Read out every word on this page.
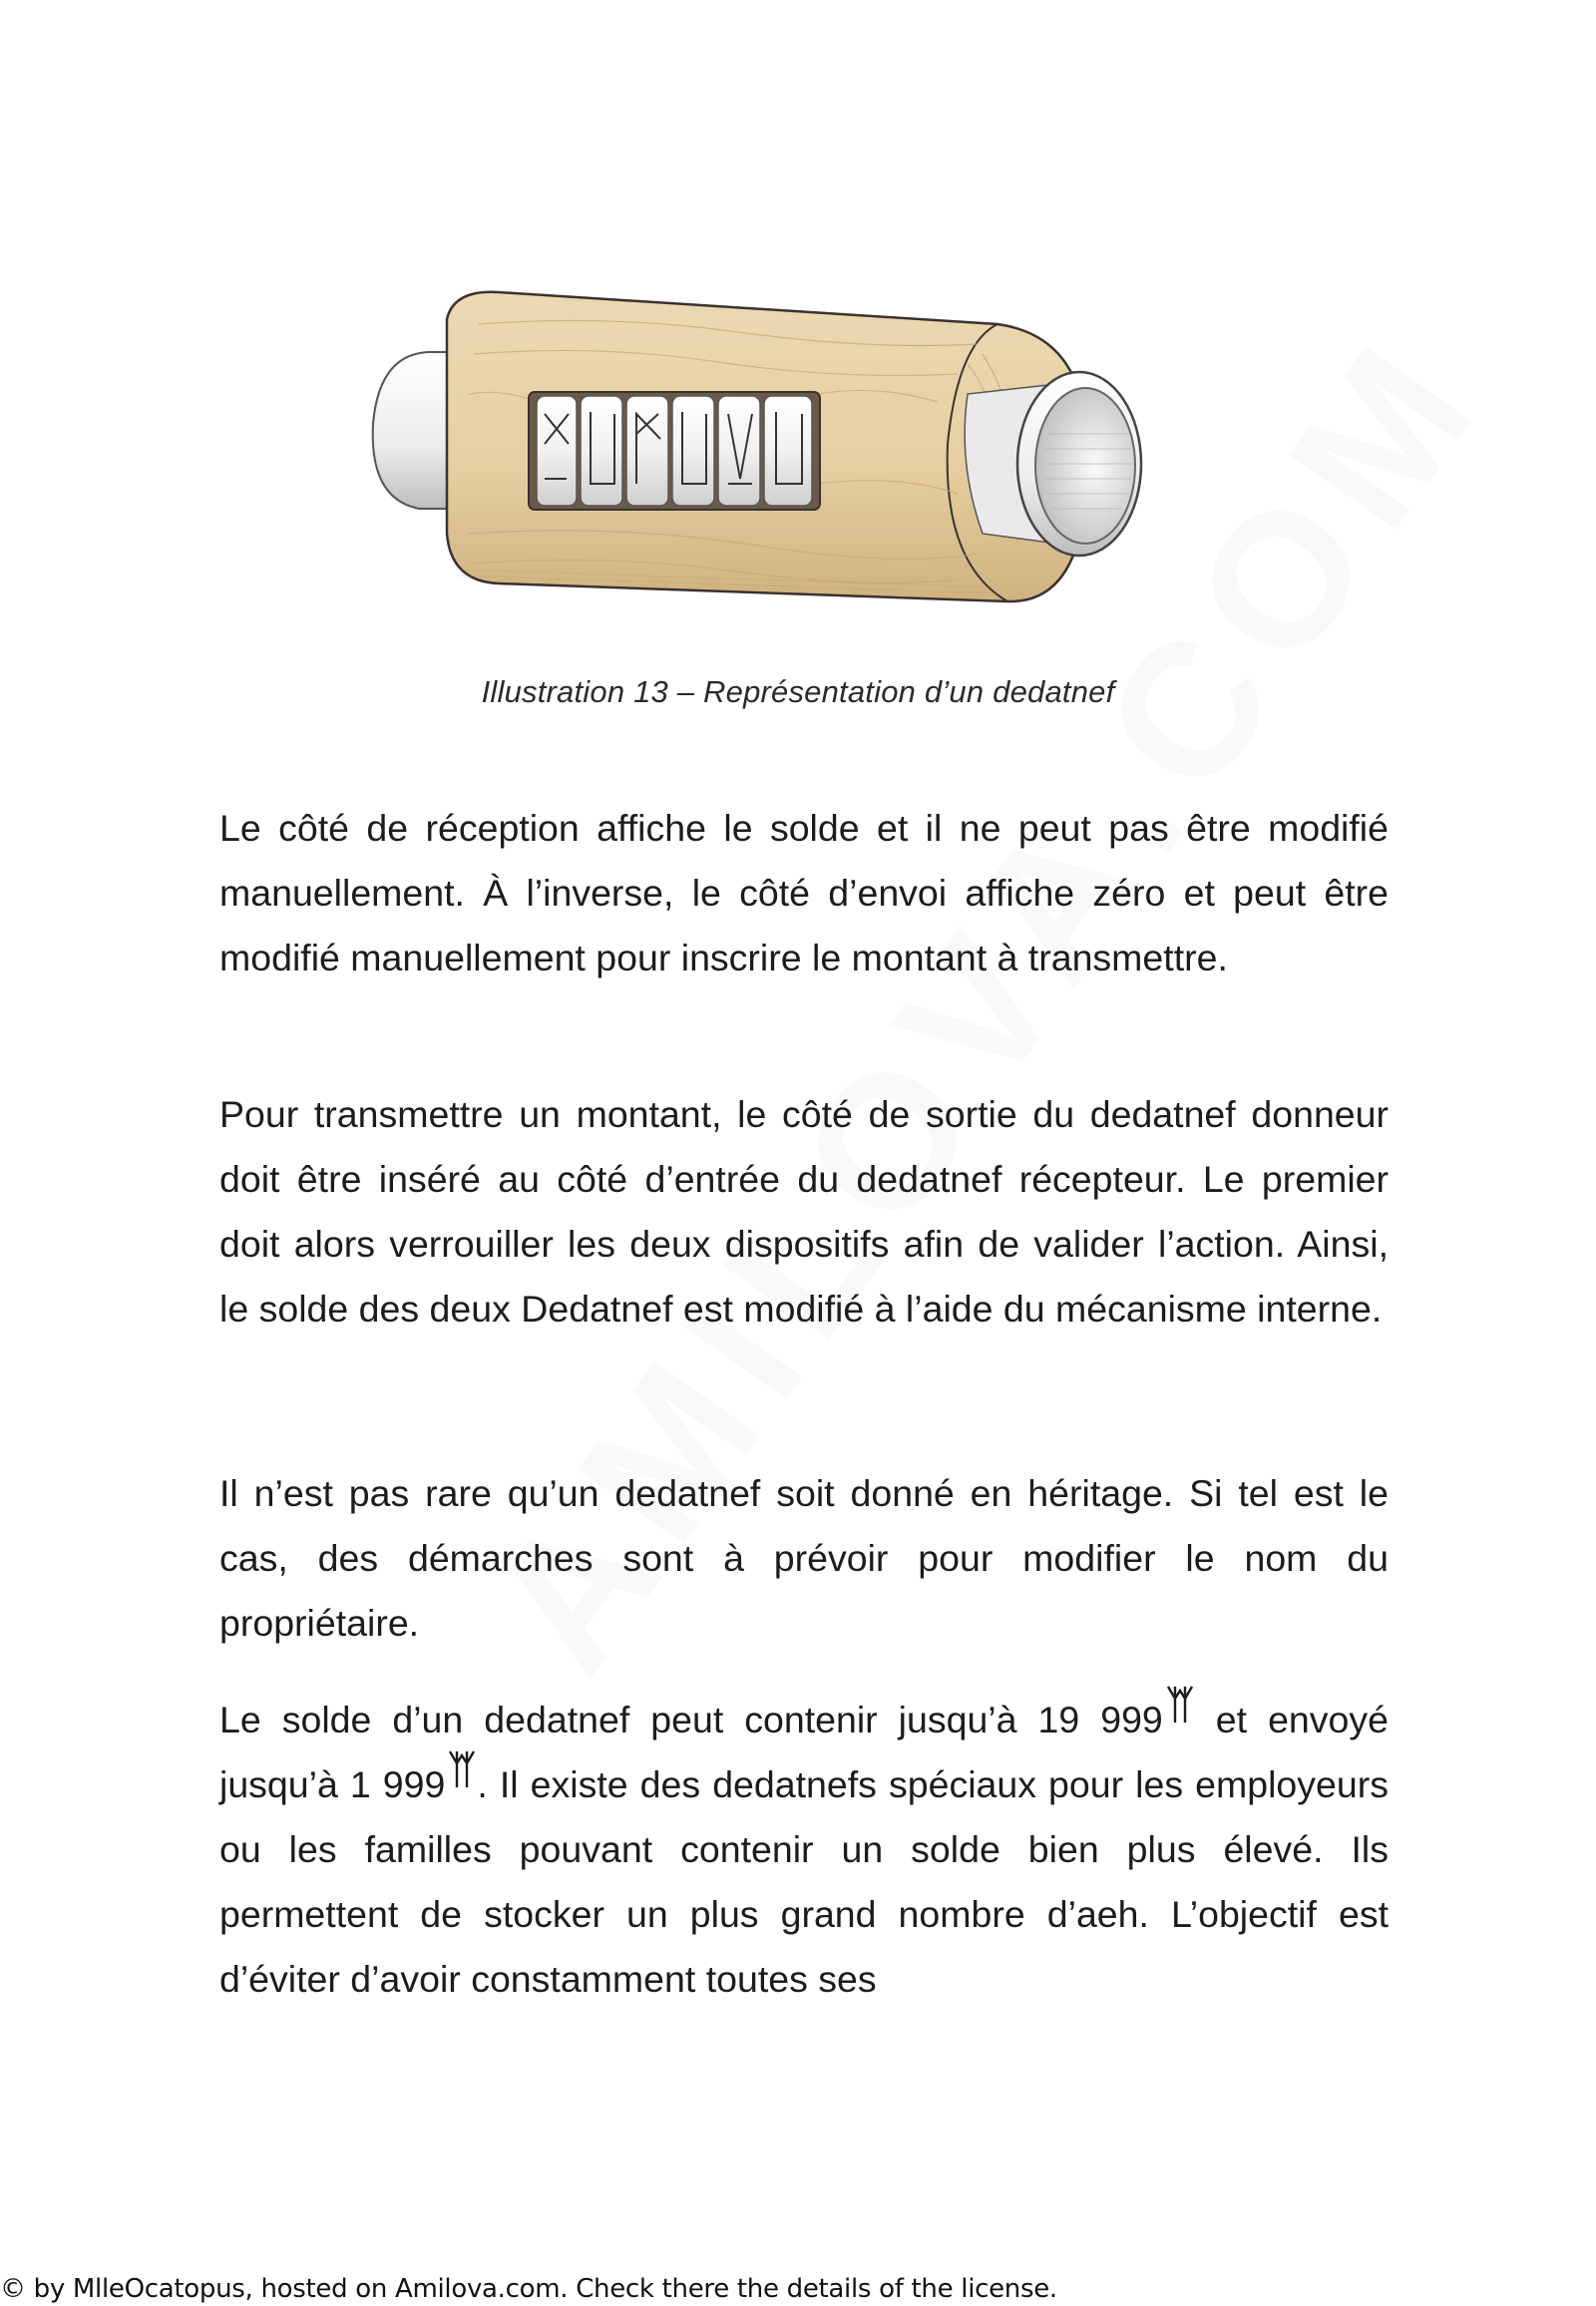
Illustration 13 – Représentation d’un dedatnef

Le côté de réception affiche le solde et il ne peut pas être modifié manuellement. À l’inverse, le côté d’envoi affiche zéro et peut être modifié manuellement pour inscrire le montant à transmettre.

Pour transmettre un montant, le côté de sortie du dedatnef donneur doit être inséré au côté d’entrée du dedatnef récepteur. Le premier doit alors verrouiller les deux dispositifs afin de valider l’action. Ainsi, le solde des deux Dedatnef est modifié à l’aide du mécanisme interne.

Il n’est pas rare qu’un dedatnef soit donné en héritage. Si tel est le cas, des démarches sont à prévoir pour modifier le nom du propriétaire.

Le solde d’un dedatnef peut contenir jusqu’à 19 999 et envoyé jusqu’à 1 999 . Il existe des dedatnefs spéciaux pour les employeurs ou les familles pouvant contenir un solde bien plus élevé. Ils permettent de stocker un plus grand nombre d’aeh. L’objectif est d’éviter d’avoir constamment toutes ses

© by MlleOcatopus, hosted on Amilova.com. Check there the details of the license.
